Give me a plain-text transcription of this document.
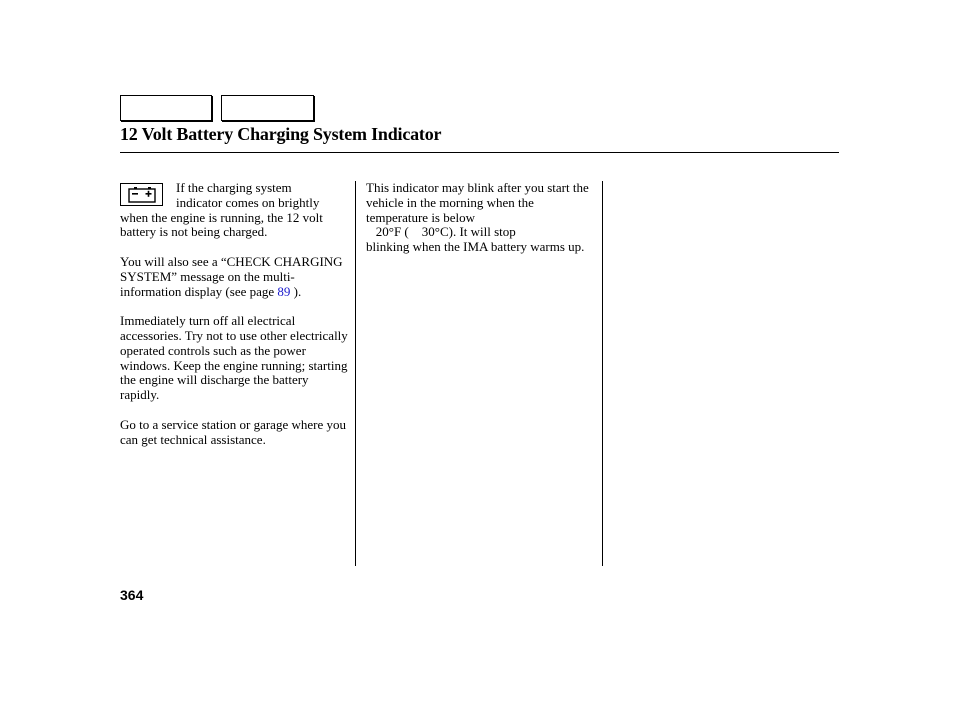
12 Volt Battery Charging System Indicator

If the charging system
indicator comes on brightly
when the engine is running, the 12 volt battery is not being charged.

You will also see a “CHECK CHARGING SYSTEM” message on the multi-information display (see page 89 ).

Immediately turn off all electrical accessories. Try not to use other electrically operated controls such as the power windows. Keep the engine running; starting the engine will discharge the battery rapidly.

Go to a service station or garage where you can get technical assistance.

This indicator may blink after you start the vehicle in the morning when the temperature is below
20°F (    30°C). It will stop
blinking when the IMA battery warms up.

364
